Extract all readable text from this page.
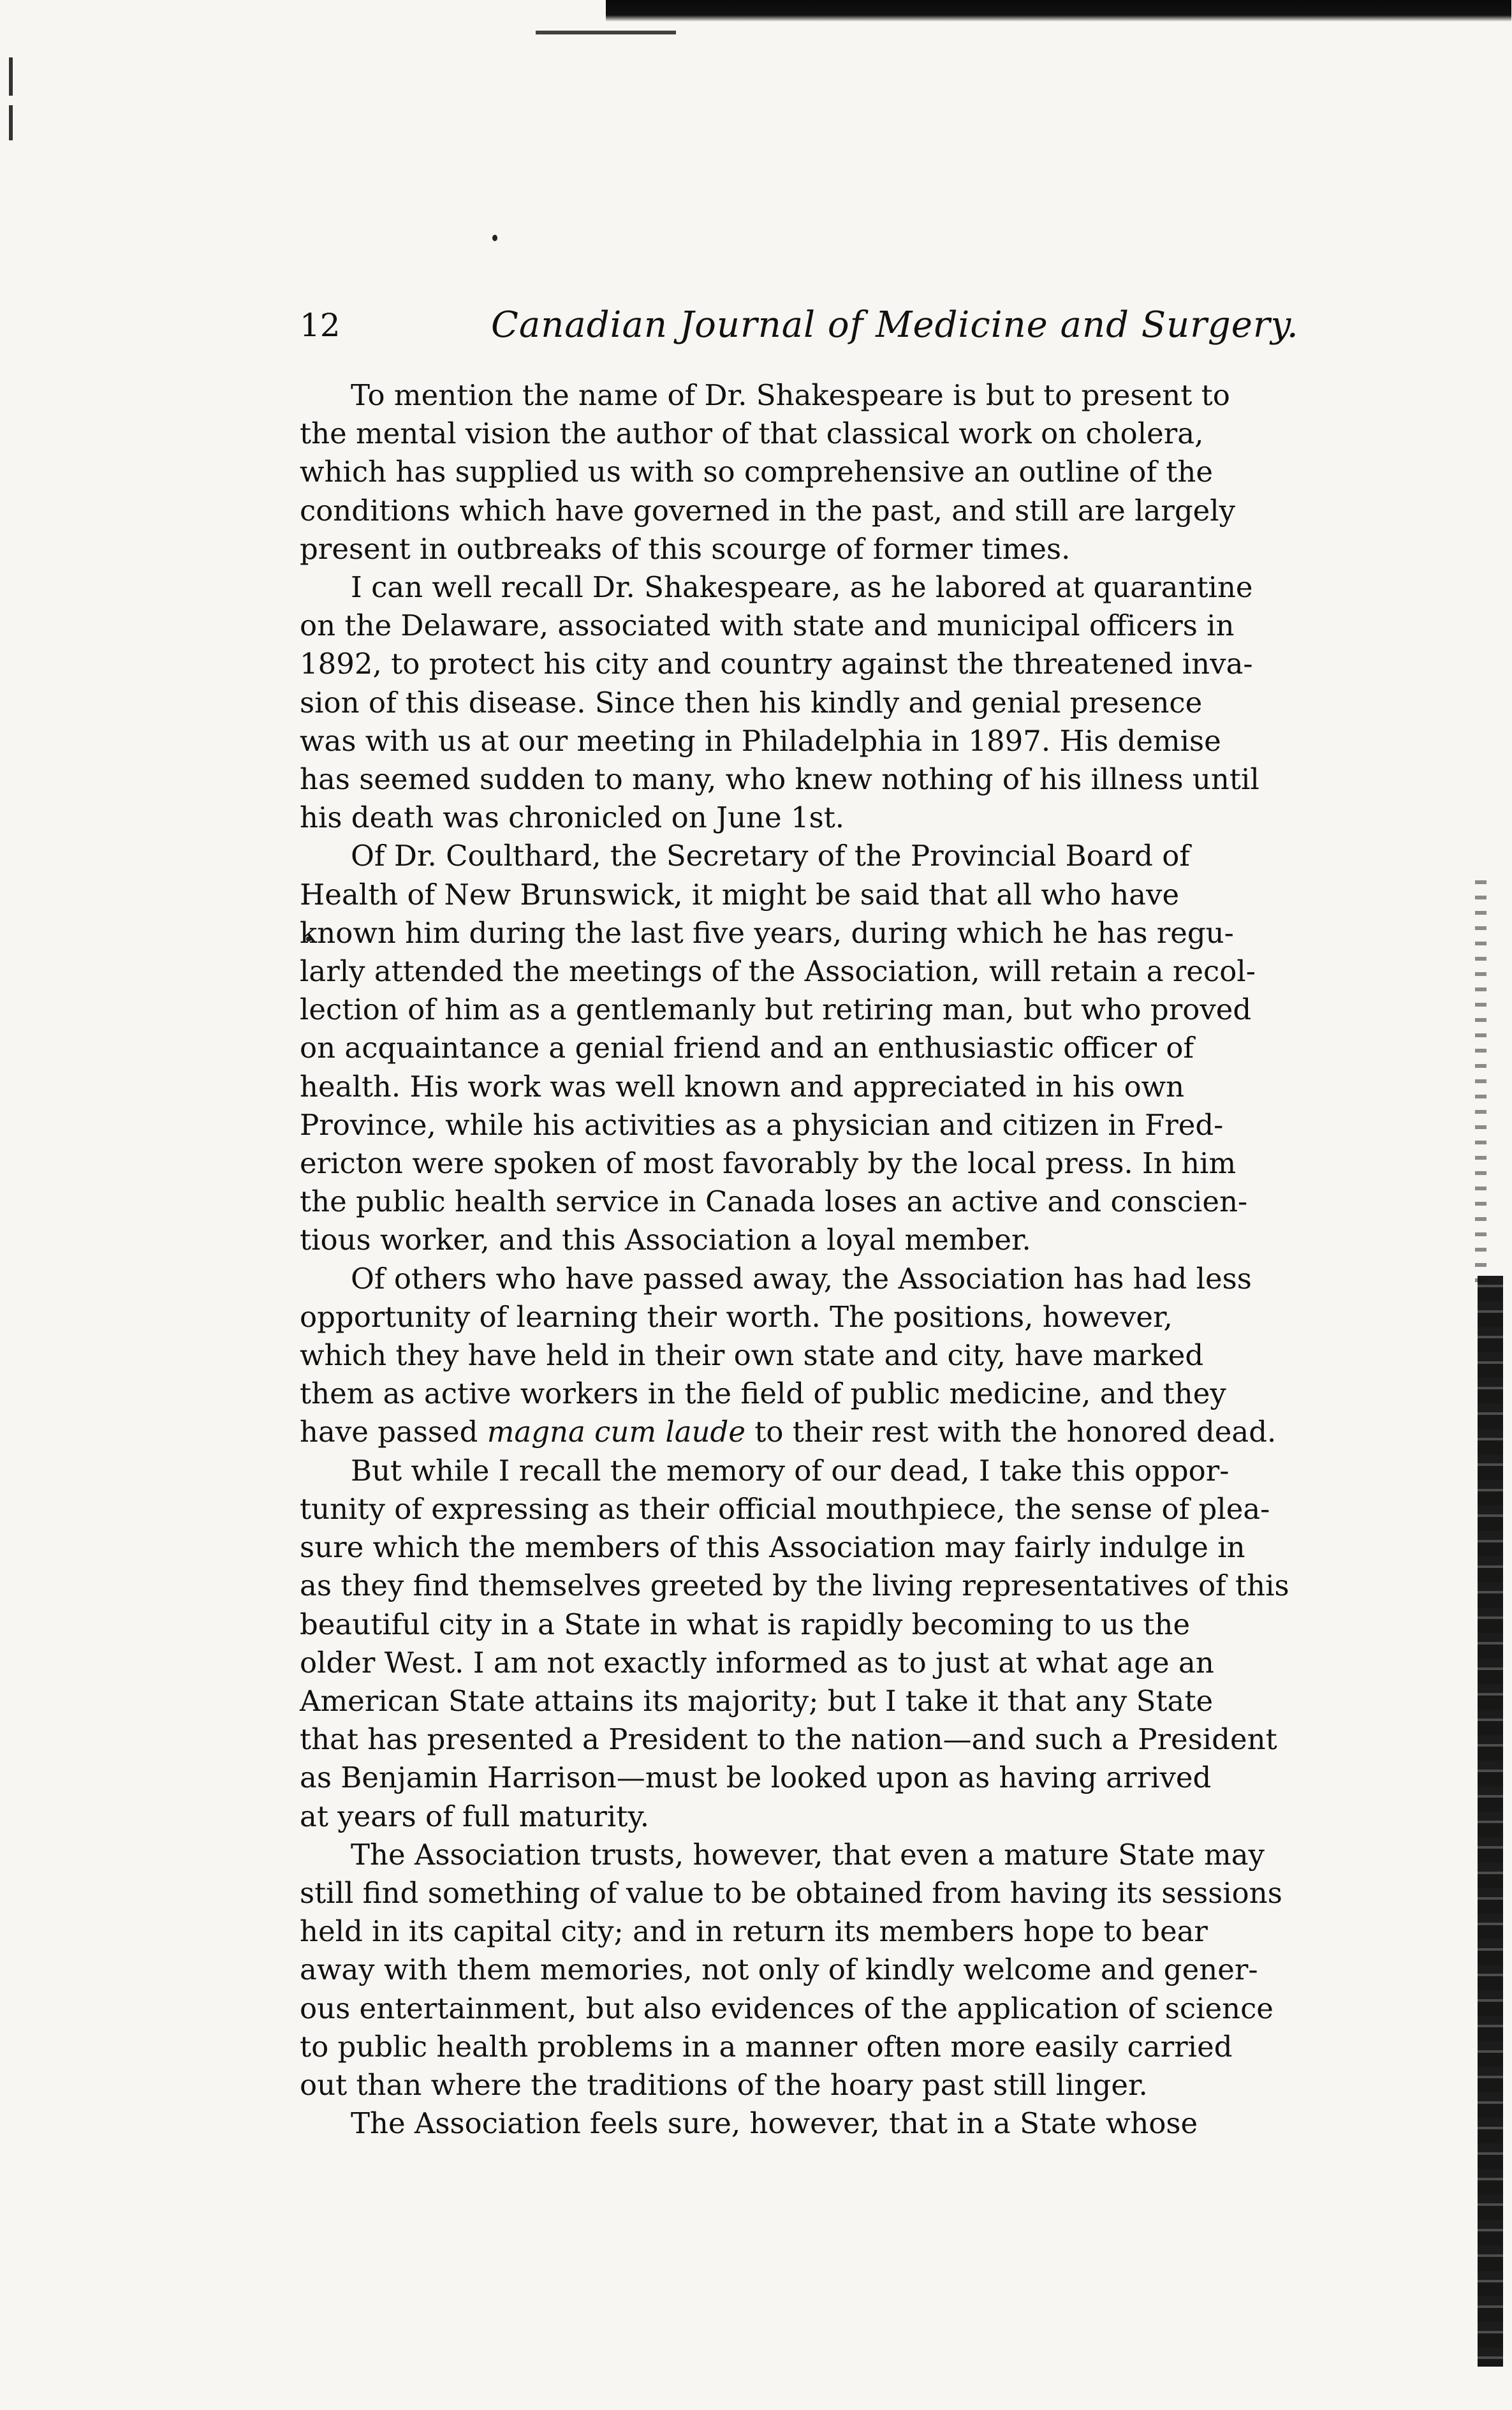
12	Canadian Journal of Medicine and Surgery.

To mention the name of Dr. Shakespeare is but to present to
the mental vision the author of that classical work on cholera,
which has supplied us with so comprehensive an outline of the
conditions which have governed in the past, and still are largely
present in outbreaks of this scourge of former times.

I can well recall Dr. Shakespeare, as he labored at quarantine
on the Delaware, associated with state and municipal officers in
1892, to protect his city and country against the threatened inva-
sion of this disease. Since then his kindly and genial presence
was with us at our meeting in Philadelphia in 1897. His demise
has seemed sudden to many, who knew nothing of his illness until
his death was chronicled on June 1st.

Of Dr. Coulthard, the Secretary of the Provincial Board of
Health of New Brunswick, it might be said that all who have
known him during the last five years, during which he has regu-
larly attended the meetings of the Association, will retain a recol-
lection of him as a gentlemanly but retiring man, but who proved
on acquaintance a genial friend and an enthusiastic officer of
health. His work was well known and appreciated in his own
Province, while his activities as a physician and citizen in Fred-
ericton were spoken of most favorably by the local press. In him
the public health service in Canada loses an active and conscien-
tious worker, and this Association a loyal member.

Of others who have passed away, the Association has had less
opportunity of learning their worth. The positions, however,
which they have held in their own state and city, have marked
them as active workers in the field of public medicine, and they
have passed magna cum laude to their rest with the honored dead.

But while I recall the memory of our dead, I take this oppor-
tunity of expressing as their official mouthpiece, the sense of plea-
sure which the members of this Association may fairly indulge in
as they find themselves greeted by the living representatives of this
beautiful city in a State in what is rapidly becoming to us the
older West. I am not exactly informed as to just at what age an
American State attains its majority; but I take it that any State
that has presented a President to the nation—and such a President
as Benjamin Harrison—must be looked upon as having arrived
at years of full maturity.

The Association trusts, however, that even a mature State may
still find something of value to be obtained from having its sessions
held in its capital city; and in return its members hope to bear
away with them memories, not only of kindly welcome and gener-
ous entertainment, but also evidences of the application of science
to public health problems in a manner often more easily carried
out than where the traditions of the hoary past still linger.

The Association feels sure, however, that in a State whose
